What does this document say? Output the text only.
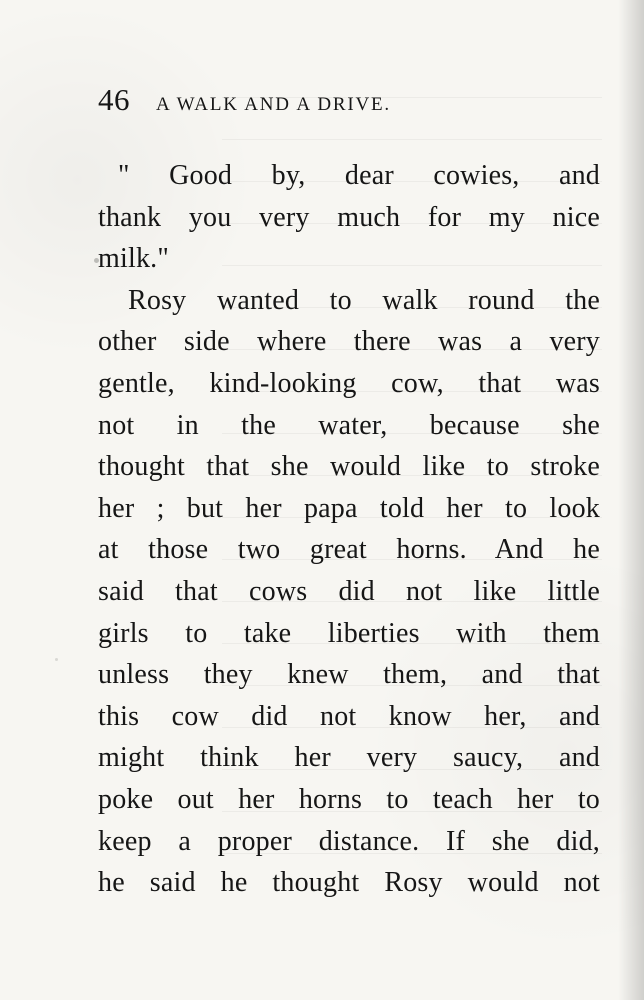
46 A WALK AND A DRIVE.
" Good by, dear cowies, and
thank you very much for my nice
milk."
Rosy wanted to walk round the
other side where there was a very
gentle, kind-looking cow, that was
not in the water, because she
thought that she would like to stroke
her ; but her papa told her to look
at those two great horns. And he
said that cows did not like little
girls to take liberties with them
unless they knew them, and that
this cow did not know her, and
might think her very saucy, and
poke out her horns to teach her to
keep a proper distance. If she did,
he said he thought Rosy would not
